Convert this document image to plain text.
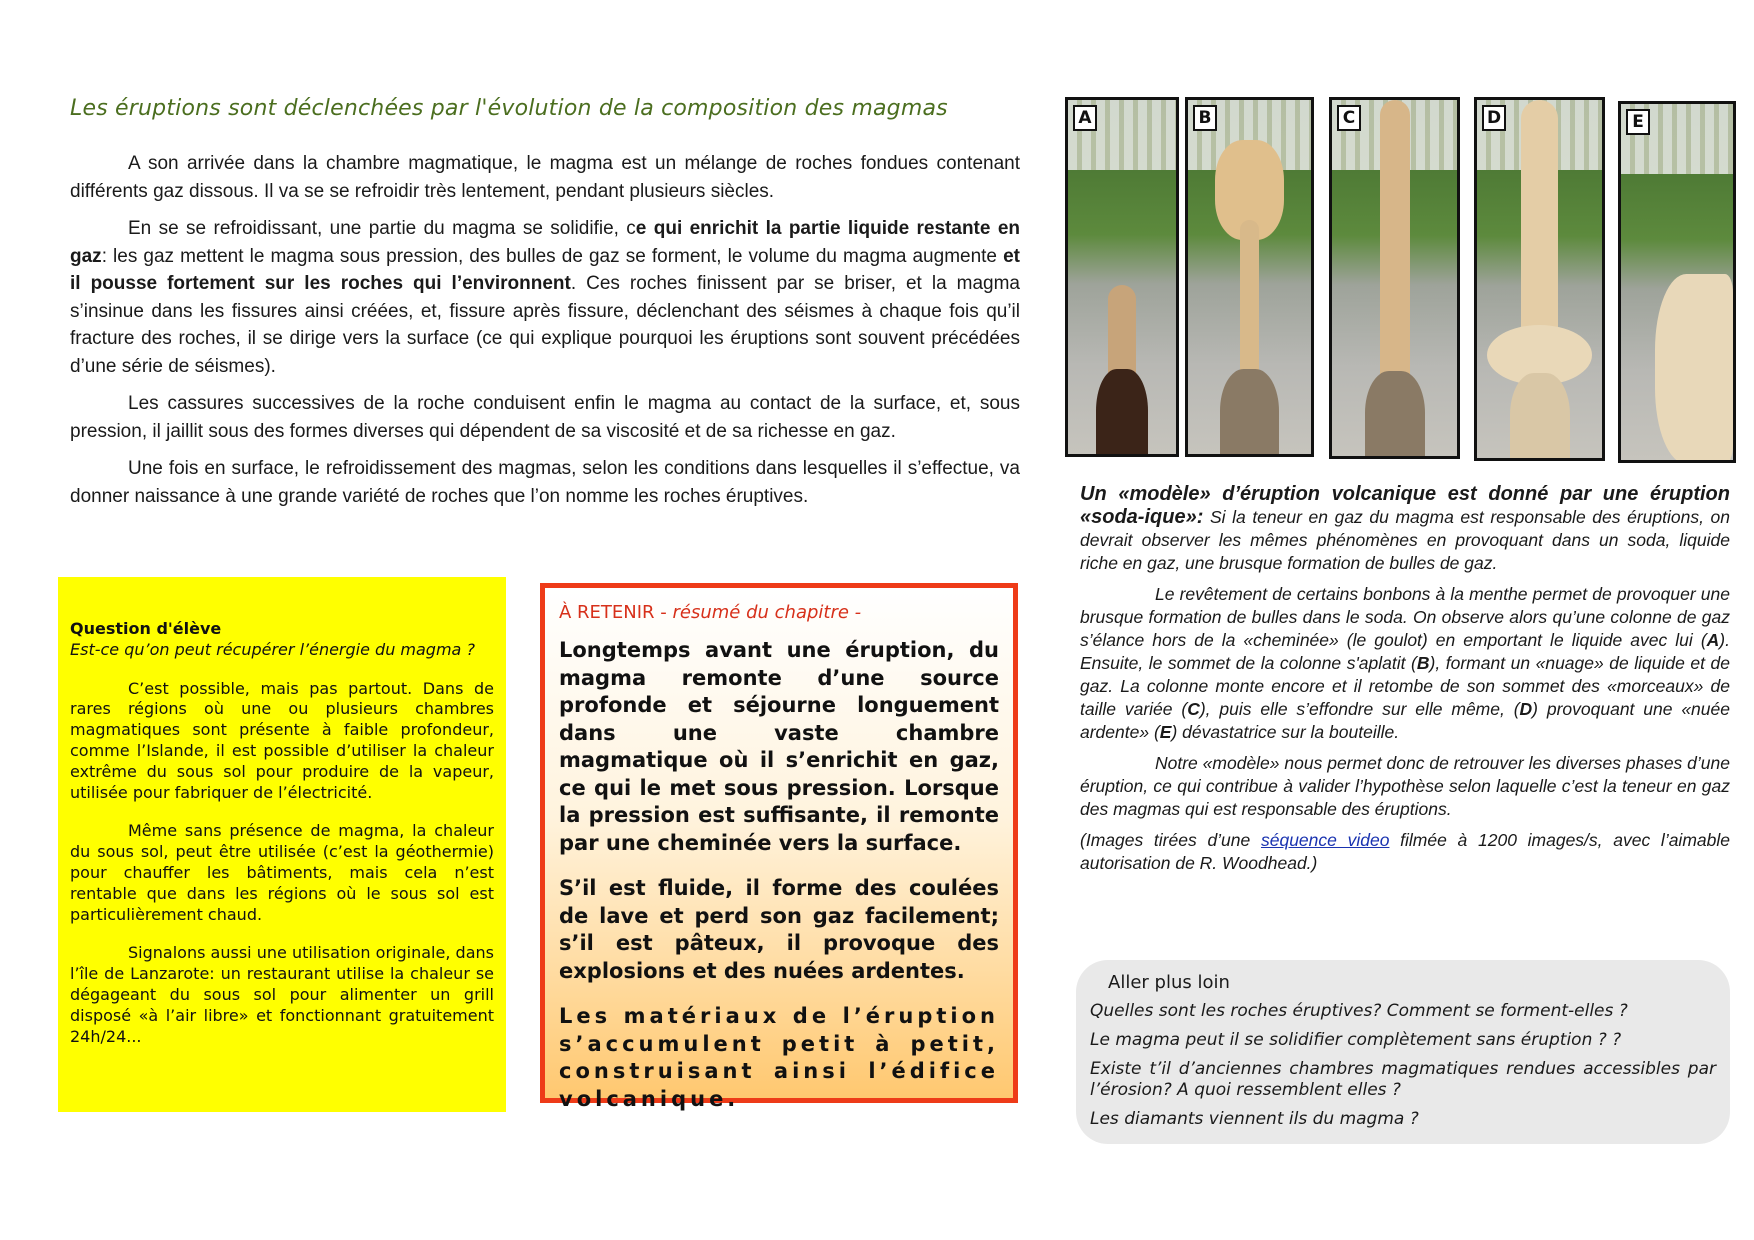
Les éruptions sont déclenchées par l'évolution de la composition des magmas

A son arrivée dans la chambre magmatique, le magma est un mélange de roches fondues contenant différents gaz dissous. Il va se se refroidir très lentement, pendant plusieurs siècles.

En se se refroidissant, une partie du magma se solidifie, ce qui enrichit la partie liquide restante en gaz: les gaz mettent le magma sous pression, des bulles de gaz se forment, le volume du magma augmente et il pousse fortement sur les roches qui l’environnent. Ces roches finissent par se briser, et la magma s’insinue dans les fissures ainsi créées, et, fissure après fissure, déclenchant des séismes à chaque fois qu’il fracture des roches, il se dirige vers la surface (ce qui explique pourquoi les éruptions sont souvent précédées d’une série de séismes).

Les cassures successives de la roche conduisent enfin le magma au contact de la surface, et, sous pression, il jaillit sous des formes diverses qui dépendent de sa viscosité et de sa richesse en gaz.

Une fois en surface, le refroidissement des magmas, selon les conditions dans lesquelles il s’effectue, va donner naissance à une grande variété de roches que l’on nomme les roches éruptives.

Question d'élève
Est-ce qu’on peut récupérer l’énergie du magma ?

C’est possible, mais pas partout. Dans de rares régions où une ou plusieurs chambres magmatiques sont présente à faible profondeur, comme l’Islande, il est possible d’utiliser la chaleur extrême du sous sol pour produire de la vapeur, utilisée pour fabriquer de l’électricité.

Même sans présence de magma, la chaleur du sous sol, peut être utilisée (c’est la géothermie) pour chauffer les bâtiments, mais cela n’est rentable que dans les régions où le sous sol est particulièrement chaud.

Signalons aussi une utilisation originale, dans l’île de Lanzarote: un restaurant utilise la chaleur se dégageant du sous sol pour alimenter un grill disposé «à l’air libre» et fonctionnant gratuitement 24h/24...

À RETENIR - résumé du chapitre -

Longtemps avant une éruption, du magma remonte d’une source profonde et séjourne longuement dans une vaste chambre magmatique où il s’enrichit en gaz, ce qui le met sous pression. Lorsque la pression est suffisante, il remonte par une cheminée vers la surface.

S’il est fluide, il forme des coulées de lave et perd son gaz facilement; s’il est pâteux, il provoque des explosions et des nuées ardentes.

Les matériaux de l’éruption s’accumulent petit à petit, construisant ainsi l’édifice volcanique.

A	B	C	D	E

Un «modèle» d’éruption volcanique est donné par une éruption «soda-ique»: Si la teneur en gaz du magma est responsable des éruptions, on devrait observer les mêmes phénomènes en provoquant dans un soda, liquide riche en gaz, une brusque formation de bulles de gaz.

Le revêtement de certains bonbons à la menthe permet de provoquer une brusque formation de bulles dans le soda. On observe alors qu’une colonne de gaz s’élance hors de la «cheminée» (le goulot) en emportant le liquide avec lui (A). Ensuite, le sommet de la colonne s'aplatit (B), formant un «nuage» de liquide et de gaz. La colonne monte encore et il retombe de son sommet des «morceaux» de taille variée (C), puis elle s’effondre sur elle même, (D) provoquant une «nuée ardente» (E) dévastatrice sur la bouteille.

Notre «modèle» nous permet donc de retrouver les diverses phases d’une éruption, ce qui contribue à valider l’hypothèse selon laquelle c’est la teneur en gaz des magmas qui est responsable des éruptions.

(Images tirées d’une séquence video filmée à 1200 images/s, avec l’aimable autorisation de R. Woodhead.)

Aller plus loin

Quelles sont les roches éruptives? Comment se forment-elles ?

Le magma peut il se solidifier complètement sans éruption ? ?

Existe t’il d’anciennes chambres magmatiques rendues accessibles par l’érosion? A quoi ressemblent elles ?

Les diamants viennent ils du magma ?
